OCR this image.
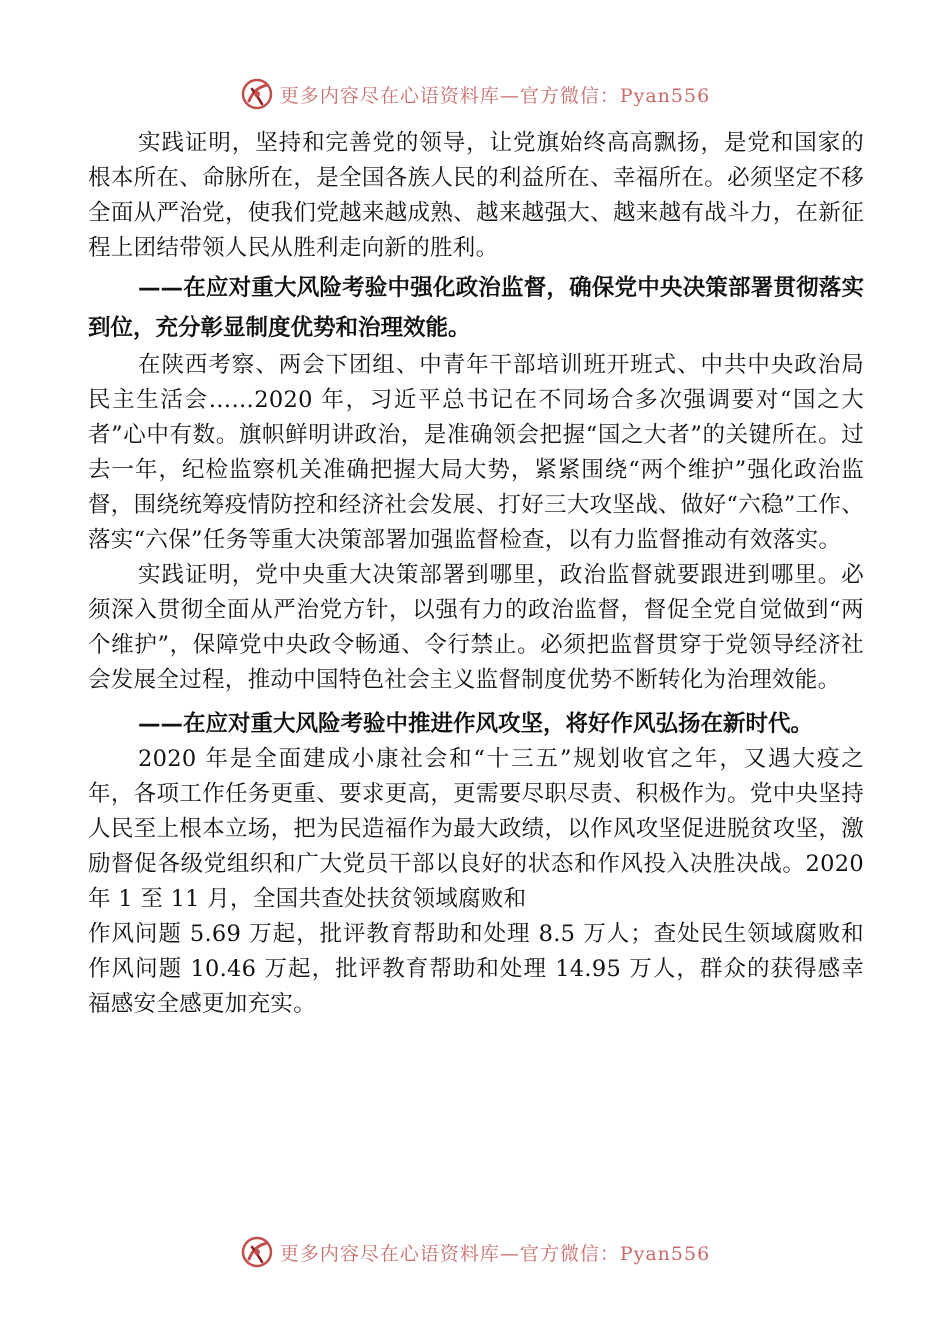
更多内容尽在心语资料库—官方微信：Pyan556

实践证明，坚持和完善党的领导，让党旗始终高高飘扬，是党和国家的根本所在、命脉所在，是全国各族人民的利益所在、幸福所在。必须坚定不移全面从严治党，使我们党越来越成熟、越来越强大、越来越有战斗力，在新征程上团结带领人民从胜利走向新的胜利。

——在应对重大风险考验中强化政治监督，确保党中央决策部署贯彻落实到位，充分彰显制度优势和治理效能。

在陕西考察、两会下团组、中青年干部培训班开班式、中共中央政治局民主生活会……2020 年，习近平总书记在不同场合多次强调要对“国之大者”心中有数。旗帜鲜明讲政治，是准确领会把握“国之大者”的关键所在。过去一年，纪检监察机关准确把握大局大势，紧紧围绕“两个维护”强化政治监督，围绕统筹疫情防控和经济社会发展、打好三大攻坚战、做好“六稳”工作、落实“六保”任务等重大决策部署加强监督检查，以有力监督推动有效落实。

实践证明，党中央重大决策部署到哪里，政治监督就要跟进到哪里。必须深入贯彻全面从严治党方针，以强有力的政治监督，督促全党自觉做到“两个维护”，保障党中央政令畅通、令行禁止。必须把监督贯穿于党领导经济社会发展全过程，推动中国特色社会主义监督制度优势不断转化为治理效能。

——在应对重大风险考验中推进作风攻坚，将好作风弘扬在新时代。

2020 年是全面建成小康社会和“十三五”规划收官之年，又遇大疫之年，各项工作任务更重、要求更高，更需要尽职尽责、积极作为。党中央坚持人民至上根本立场，把为民造福作为最大政绩，以作风攻坚促进脱贫攻坚，激励督促各级党组织和广大党员干部以良好的状态和作风投入决胜决战。2020 年 1 至 11 月，全国共查处扶贫领域腐败和

作风问题 5.69 万起，批评教育帮助和处理 8.5 万人；查处民生领域腐败和作风问题 10.46 万起，批评教育帮助和处理 14.95 万人，群众的获得感幸福感安全感更加充实。

更多内容尽在心语资料库—官方微信：Pyan556
